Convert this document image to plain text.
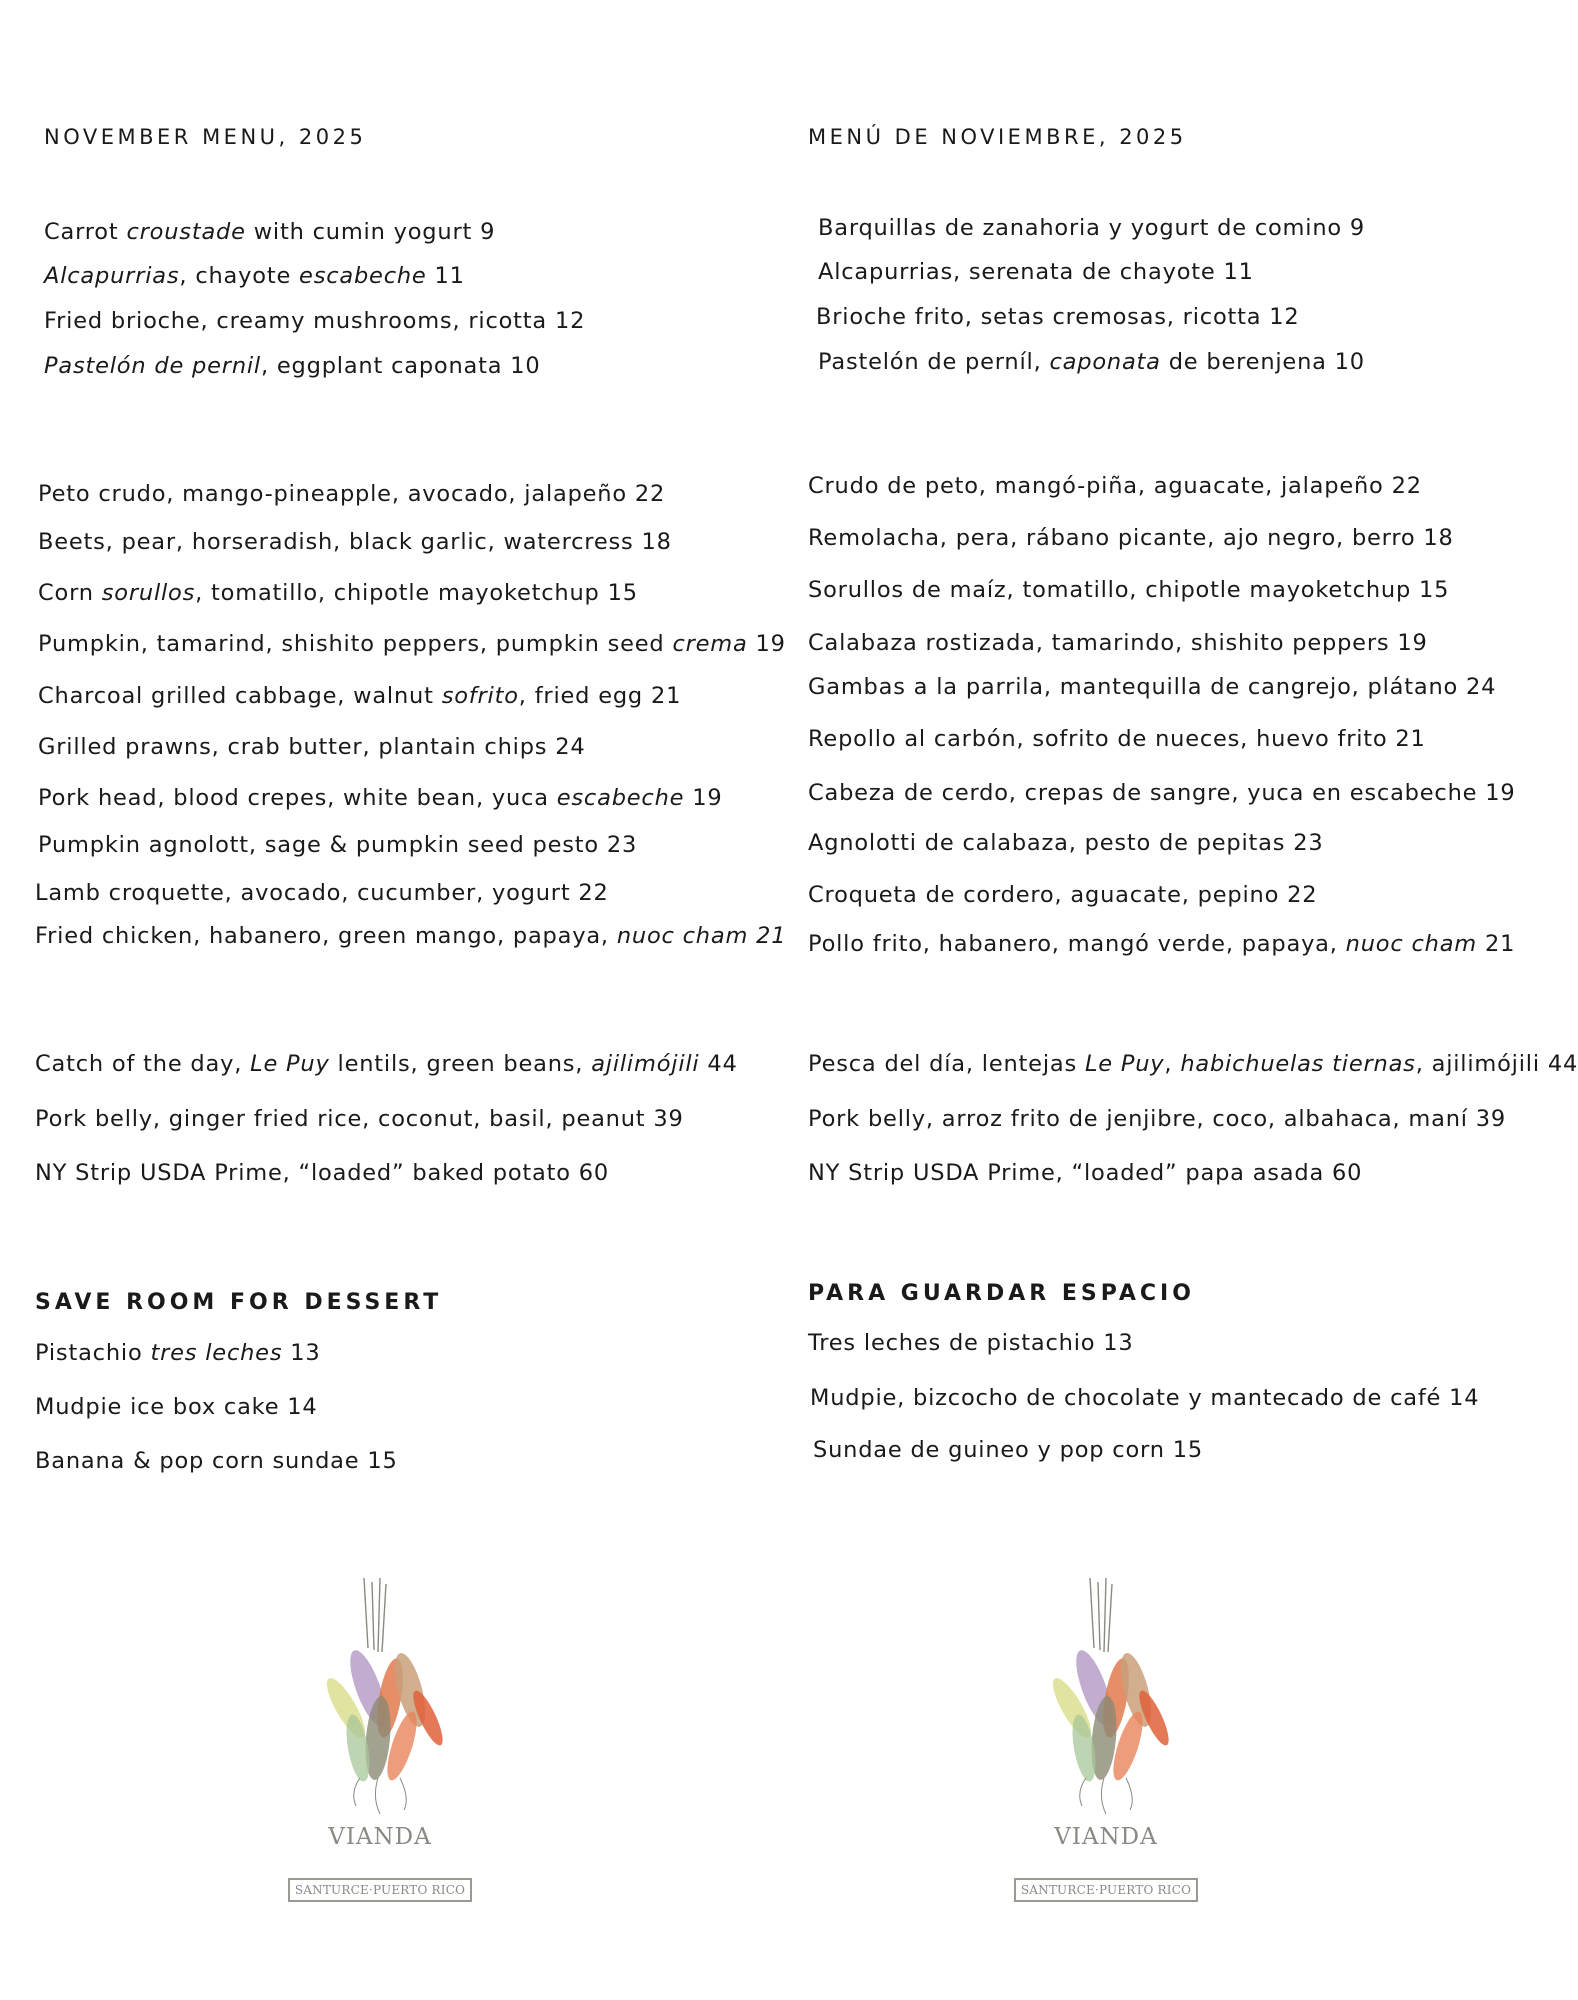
NOVEMBER MENU, 2025
Carrot croustade with cumin yogurt 9
Alcapurrias, chayote escabeche 11
Fried brioche, creamy mushrooms, ricotta 12
Pastelón de pernil, eggplant caponata 10
Peto crudo, mango-pineapple, avocado, jalapeño 22
Beets, pear, horseradish, black garlic, watercress 18
Corn sorullos, tomatillo, chipotle mayoketchup 15
Pumpkin, tamarind, shishito peppers, pumpkin seed crema 19
Charcoal grilled cabbage, walnut sofrito, fried egg 21
Grilled prawns, crab butter, plantain chips 24
Pork head, blood crepes, white bean, yuca escabeche 19
Pumpkin agnolott, sage & pumpkin seed pesto 23
Lamb croquette, avocado, cucumber, yogurt 22
Fried chicken, habanero, green mango, papaya, nuoc cham 21
Catch of the day, Le Puy lentils, green beans, ajilimójili 44
Pork belly, ginger fried rice, coconut, basil, peanut 39
NY Strip USDA Prime, “loaded” baked potato 60
SAVE ROOM FOR DESSERT
Pistachio tres leches 13
Mudpie ice box cake 14
Banana & pop corn sundae 15
VIANDA
SANTURCE·PUERTO RICO
MENÚ DE NOVIEMBRE, 2025
Barquillas de zanahoria y yogurt de comino 9
Alcapurrias, serenata de chayote 11
Brioche frito, setas cremosas, ricotta 12
Pastelón de perníl, caponata de berenjena 10
Crudo de peto, mangó-piña, aguacate, jalapeño 22
Remolacha, pera, rábano picante, ajo negro, berro 18
Sorullos de maíz, tomatillo, chipotle mayoketchup 15
Calabaza rostizada, tamarindo, shishito peppers 19
Gambas a la parrila, mantequilla de cangrejo, plátano 24
Repollo al carbón, sofrito de nueces, huevo frito 21
Cabeza de cerdo, crepas de sangre, yuca en escabeche 19
Agnolotti de calabaza, pesto de pepitas 23
Croqueta de cordero, aguacate, pepino 22
Pollo frito, habanero, mangó verde, papaya, nuoc cham 21
Pesca del día, lentejas Le Puy, habichuelas tiernas, ajilimójili 44
Pork belly, arroz frito de jenjibre, coco, albahaca, maní 39
NY Strip USDA Prime, “loaded” papa asada 60
PARA GUARDAR ESPACIO
Tres leches de pistachio 13
Mudpie, bizcocho de chocolate y mantecado de café 14
Sundae de guineo y pop corn 15
VIANDA
SANTURCE·PUERTO RICO
